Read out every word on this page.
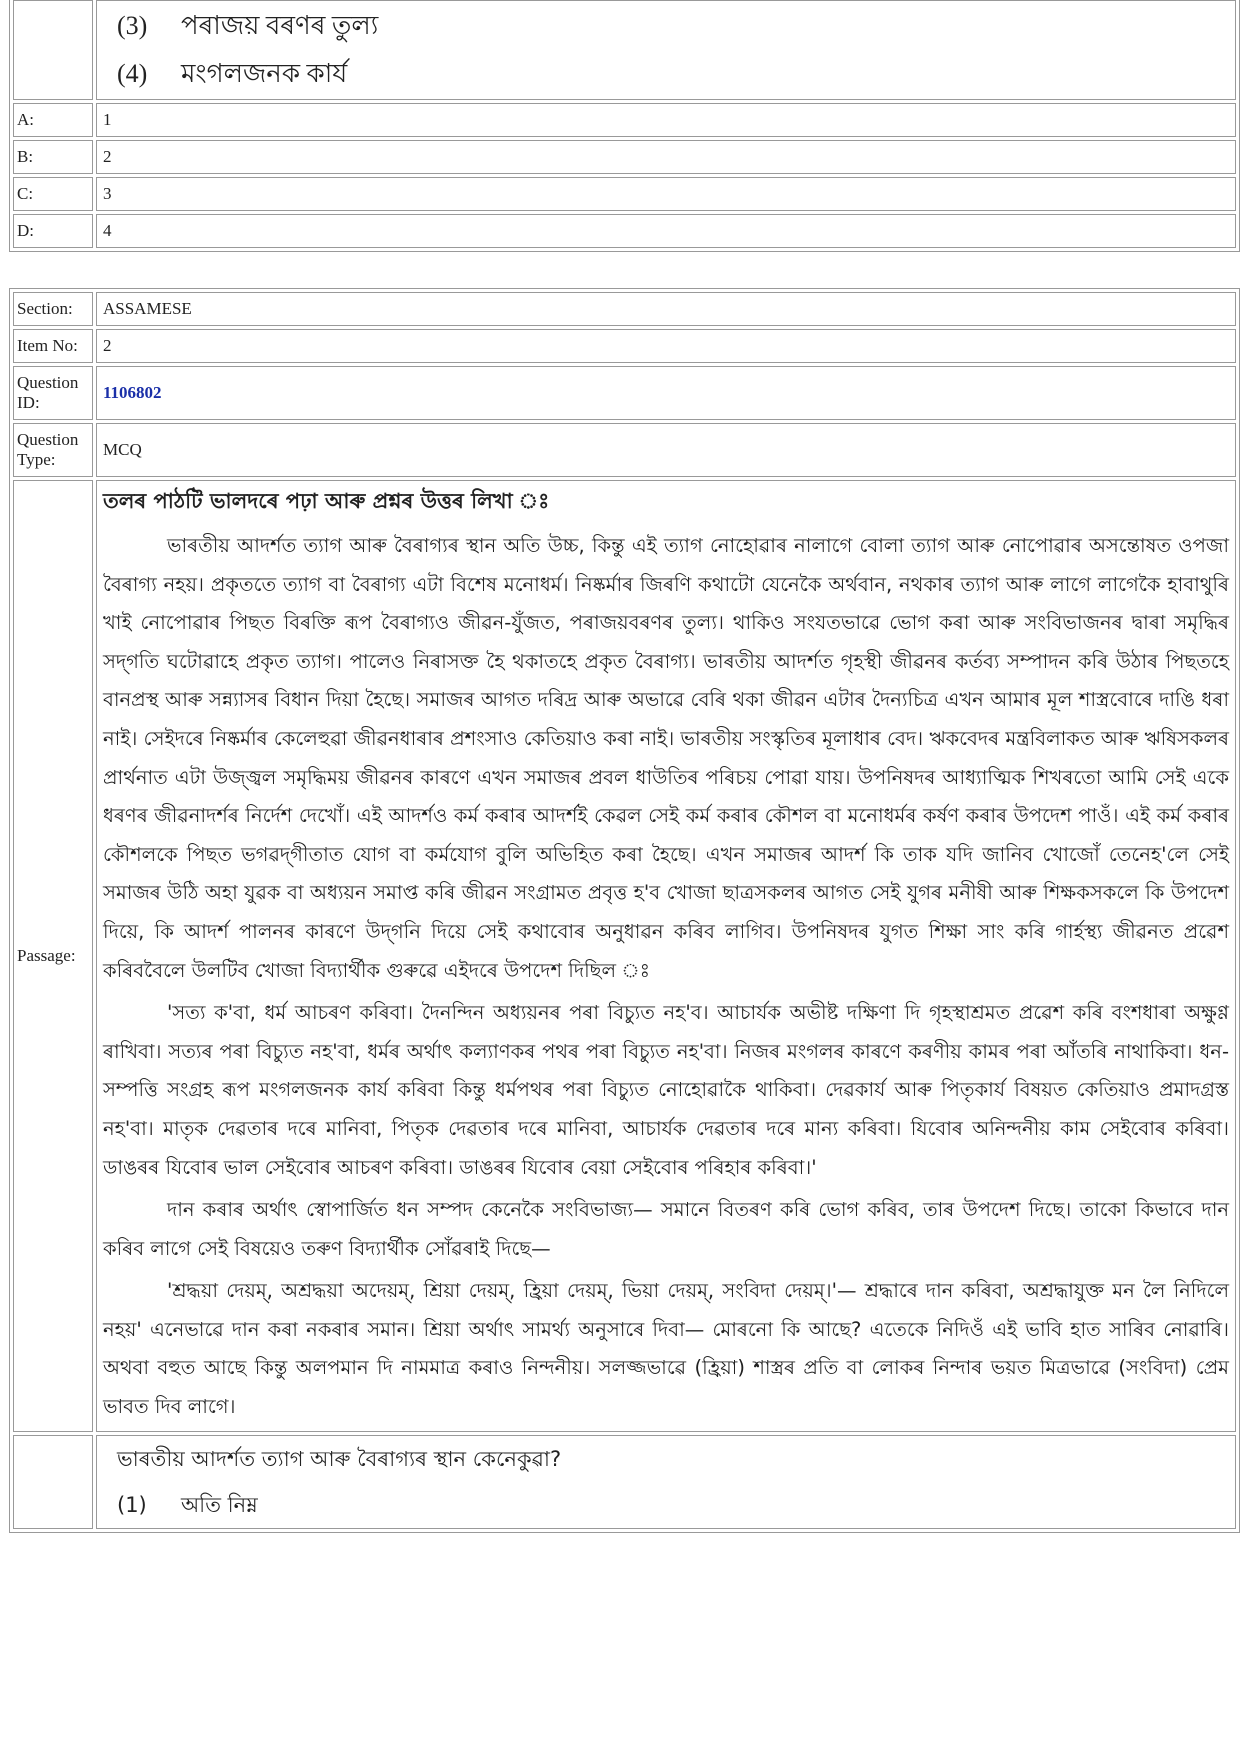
	(3) পৰাজয় বৰণৰ তুল্য
(4) মংগলজনক কাৰ্য

A:	1
B:	2
C:	3
D:	4
Section:	ASSAMESE
Item No:	2
Question ID:	1106802
Question Type:	MCQ
Passage:	তলৰ পাঠটি ভালদৰে পঢ়া আৰু প্ৰশ্নৰ উত্তৰ লিখা ঃ

ভাৰতীয় আদৰ্শত ত্যাগ আৰু বৈৰাগ্যৰ স্থান অতি উচ্চ, কিন্তু এই ত্যাগ নোহোৱাৰ নালাগে বোলা ত্যাগ আৰু নোপোৱাৰ অসন্তোষত ওপজা বৈৰাগ্য নহয়। প্ৰকৃততে ত্যাগ বা বৈৰাগ্য এটা বিশেষ মনোধৰ্ম। নিষ্কৰ্মাৰ জিৰণি কথাটো যেনেকৈ অৰ্থবান, নথকাৰ ত্যাগ আৰু লাগে লাগেকৈ হাবাথুৰি খাই নোপোৱাৰ পিছত বিৰক্তি ৰূপ বৈৰাগ্যও জীৱন-যুঁজত, পৰাজয়বৰণৰ তুল্য। থাকিও সংযতভাৱে ভোগ কৰা আৰু সংবিভাজনৰ দ্বাৰা সমৃদ্ধিৰ সদ্‌গতি ঘটোৱাহে প্ৰকৃত ত্যাগ। পালেও নিৰাসক্ত হৈ থকাতহে প্ৰকৃত বৈৰাগ্য। ভাৰতীয় আদৰ্শত গৃহস্থী জীৱনৰ কৰ্তব্য সম্পাদন কৰি উঠাৰ পিছতহে বানপ্ৰস্থ আৰু সন্ন্যাসৰ বিধান দিয়া হৈছে। সমাজৰ আগত দৰিদ্ৰ আৰু অভাৱে বেৰি থকা জীৱন এটাৰ দৈন্যচিত্ৰ এখন আমাৰ মূল শাস্ত্ৰবোৰে দাঙি ধৰা নাই। সেইদৰে নিষ্কৰ্মাৰ কেলেহুৱা জীৱনধাৰাৰ প্ৰশংসাও কেতিয়াও কৰা নাই। ভাৰতীয় সংস্কৃতিৰ মূলাধাৰ বেদ। ঋকবেদৰ মন্ত্ৰবিলাকত আৰু ঋষিসকলৰ প্ৰাৰ্থনাত এটা উজ্জ্বল সমৃদ্ধিময় জীৱনৰ কাৰণে এখন সমাজৰ প্ৰবল ধাউতিৰ পৰিচয় পোৱা যায়। উপনিষদৰ আধ্যাত্মিক শিখৰতো আমি সেই একে ধৰণৰ জীৱনাদৰ্শৰ নিৰ্দেশ দেখোঁ। এই আদৰ্শও কৰ্ম কৰাৰ আদৰ্শই কেৱল সেই কৰ্ম কৰাৰ কৌশল বা মনোধৰ্মৰ কৰ্ষণ কৰাৰ উপদেশ পাওঁ। এই কৰ্ম কৰাৰ কৌশলকে পিছত ভগৱদ্‌গীতাত যোগ বা কৰ্মযোগ বুলি অভিহিত কৰা হৈছে। এখন সমাজৰ আদৰ্শ কি তাক যদি জানিব খোজোঁ তেনেহ'লে সেই সমাজৰ উঠি অহা যুৱক বা অধ্যয়ন সমাপ্ত কৰি জীৱন সংগ্ৰামত প্ৰবৃত্ত হ'ব খোজা ছাত্ৰসকলৰ আগত সেই যুগৰ মনীষী আৰু শিক্ষকসকলে কি উপদেশ দিয়ে, কি আদৰ্শ পালনৰ কাৰণে উদ্‌গনি দিয়ে সেই কথাবোৰ অনুধাৱন কৰিব লাগিব। উপনিষদৰ যুগত শিক্ষা সাং কৰি গাৰ্হস্থ্য জীৱনত প্ৰৱেশ কৰিববৈলে উলটিব খোজা বিদ্যাৰ্থীক গুৰুৱে এইদৰে উপদেশ দিছিল ঃ

'সত্য ক'বা, ধৰ্ম আচৰণ কৰিবা। দৈনন্দিন অধ্যয়নৰ পৰা বিচ্যুত নহ'ব। আচাৰ্যক অভীষ্ট দক্ষিণা দি গৃহস্থাশ্ৰমত প্ৰৱেশ কৰি বংশধাৰা অক্ষুণ্ণ ৰাখিবা। সত্যৰ পৰা বিচ্যুত নহ'বা, ধৰ্মৰ অৰ্থাৎ কল্যাণকৰ পথৰ পৰা বিচ্যুত নহ'বা। নিজৰ মংগলৰ কাৰণে কৰণীয় কামৰ পৰা আঁতৰি নাথাকিবা। ধন-সম্পত্তি সংগ্ৰহ ৰূপ মংগলজনক কাৰ্য কৰিবা কিন্তু ধৰ্মপথৰ পৰা বিচ্যুত নোহোৱাকৈ থাকিবা। দেৱকাৰ্য আৰু পিতৃকাৰ্য বিষয়ত কেতিয়াও প্ৰমাদগ্ৰস্ত নহ'বা। মাতৃক দেৱতাৰ দৰে মানিবা, পিতৃক দেৱতাৰ দৰে মানিবা, আচাৰ্যক দেৱতাৰ দৰে মান্য কৰিবা। যিবোৰ অনিন্দনীয় কাম সেইবোৰ কৰিবা। ডাঙৰৰ যিবোৰ ভাল সেইবোৰ আচৰণ কৰিবা। ডাঙৰৰ যিবোৰ বেয়া সেইবোৰ পৰিহাৰ কৰিবা।'

দান কৰাৰ অৰ্থাৎ স্বোপাৰ্জিত ধন সম্পদ কেনেকৈ সংবিভাজ্য— সমানে বিতৰণ কৰি ভোগ কৰিব, তাৰ উপদেশ দিছে। তাকো কিভাবে দান কৰিব লাগে সেই বিষয়েও তৰুণ বিদ্যাৰ্থীক সোঁৱৰাই দিছে—

'শ্ৰদ্ধয়া দেয়ম্‌, অশ্ৰদ্ধয়া অদেয়ম্‌, শ্ৰিয়া দেয়ম্‌, হ্ৰিয়া দেয়ম্‌, ভিয়া দেয়ম্‌, সংবিদা দেয়ম্‌।'— শ্ৰদ্ধাৰে দান কৰিবা, অশ্ৰদ্ধাযুক্ত মন লৈ নিদিলে নহয়' এনেভাৱে দান কৰা নকৰাৰ সমান। শ্ৰিয়া অৰ্থাৎ সামৰ্থ্য অনুসাৰে দিবা— মোৰনো কি আছে? এতেকে নিদিওঁ এই ভাবি হাত সাৰিব নোৱাৰি। অথবা বহুত আছে কিন্তু অলপমান দি নামমাত্ৰ কৰাও নিন্দনীয়। সলজ্জভাৱে (হ্ৰিয়া) শাস্ত্ৰৰ প্ৰতি বা লোকৰ নিন্দাৰ ভয়ত মিত্ৰভাৱে (সংবিদা) প্ৰেম ভাবত দিব লাগে।

	ভাৰতীয় আদৰ্শত ত্যাগ আৰু বৈৰাগ্যৰ স্থান কেনেকুৱা?
(1) অতি নিম্ন
